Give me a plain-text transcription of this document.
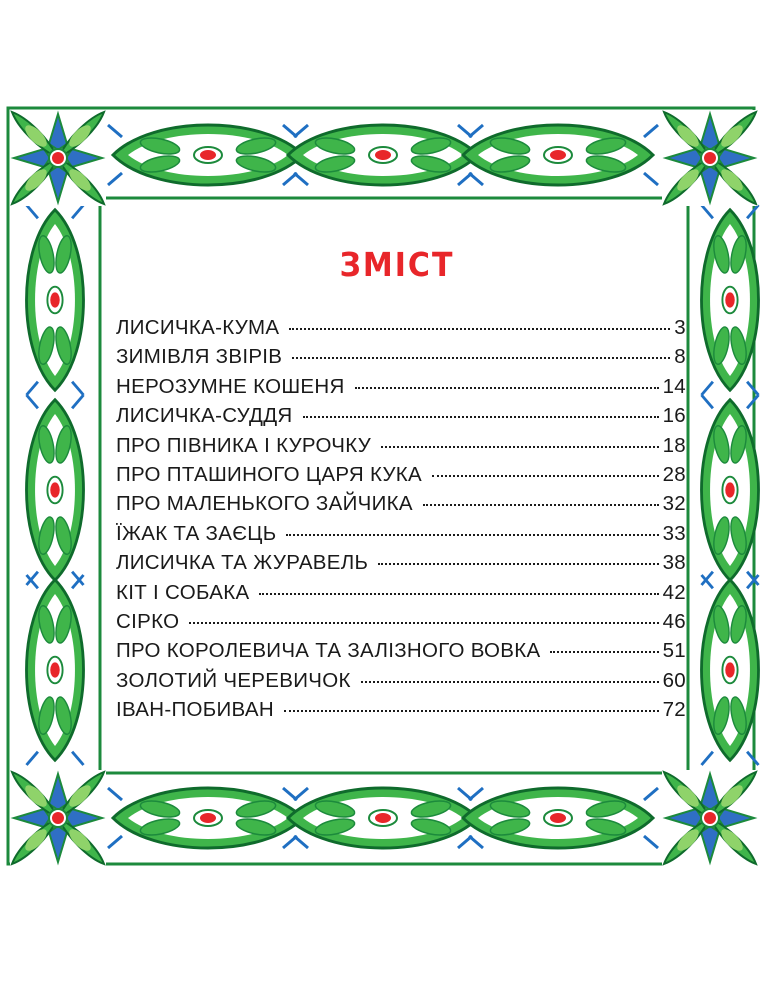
ЗМІСТ
ЛИСИЧКА-КУМА	3
ЗИМІВЛЯ ЗВІРІВ	8
НЕРОЗУМНЕ КОШЕНЯ	14
ЛИСИЧКА-СУДДЯ	16
ПРО ПІВНИКА І КУРОЧКУ	18
ПРО ПТАШИНОГО ЦАРЯ КУКА	28
ПРО МАЛЕНЬКОГО ЗАЙЧИКА	32
ЇЖАК ТА ЗАЄЦЬ	33
ЛИСИЧКА ТА ЖУРАВЕЛЬ	38
КІТ І СОБАКА	42
СІРКО	46
ПРО КОРОЛЕВИЧА ТА ЗАЛІЗНОГО ВОВКА	51
ЗОЛОТИЙ ЧЕРЕВИЧОК	60
ІВАН-ПОБИВАН	72
